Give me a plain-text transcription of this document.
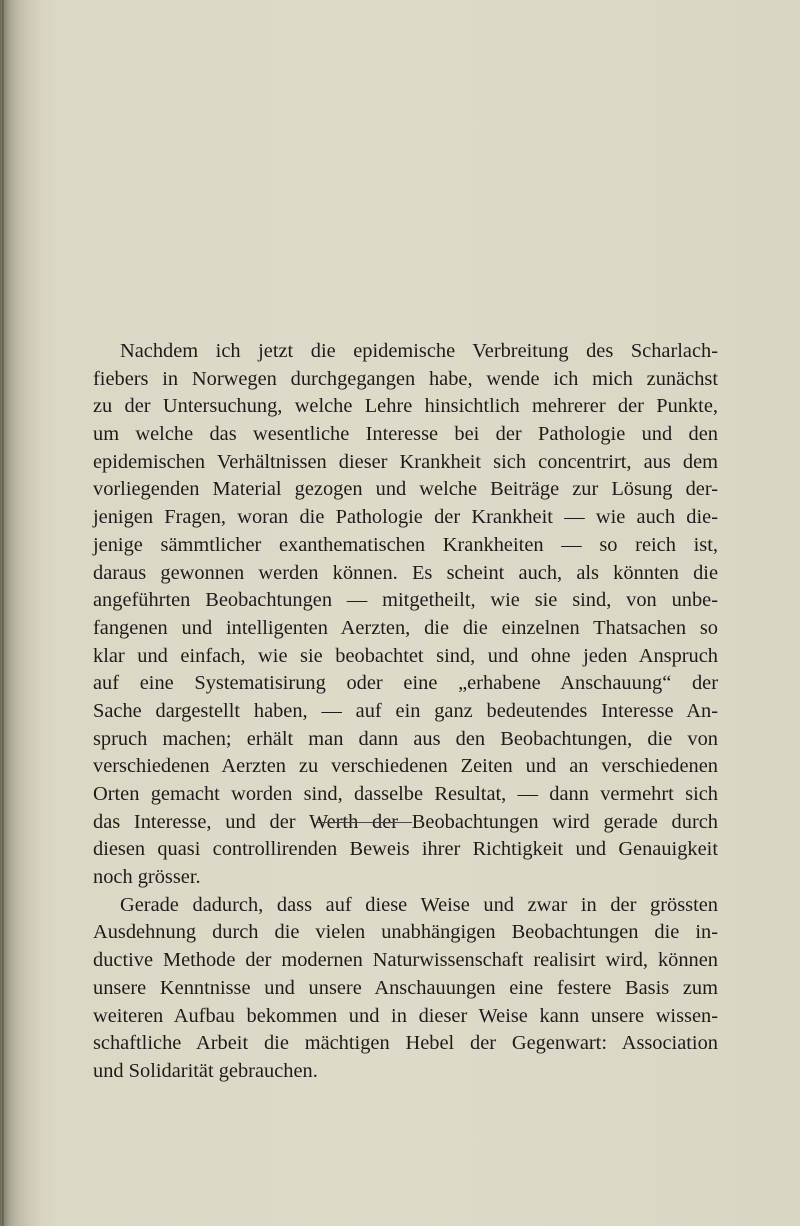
Nachdem ich jetzt die epidemische Verbreitung des Scharlach-
fiebers in Norwegen durchgegangen habe, wende ich mich zunächst
zu der Untersuchung, welche Lehre hinsichtlich mehrerer der Punkte,
um welche das wesentliche Interesse bei der Pathologie und den
epidemischen Verhältnissen dieser Krankheit sich concentrirt, aus dem
vorliegenden Material gezogen und welche Beiträge zur Lösung der-
jenigen Fragen, woran die Pathologie der Krankheit — wie auch die-
jenige sämmtlicher exanthematischen Krankheiten — so reich ist,
daraus gewonnen werden können. Es scheint auch, als könnten die
angeführten Beobachtungen — mitgetheilt, wie sie sind, von unbe-
fangenen und intelligenten Aerzten, die die einzelnen Thatsachen so
klar und einfach, wie sie beobachtet sind, und ohne jeden Anspruch
auf eine Systematisirung oder eine „erhabene Anschauung“ der
Sache dargestellt haben, — auf ein ganz bedeutendes Interesse An-
spruch machen; erhält man dann aus den Beobachtungen, die von
verschiedenen Aerzten zu verschiedenen Zeiten und an verschiedenen
Orten gemacht worden sind, dasselbe Resultat, — dann vermehrt sich
das Interesse, und der Werth der Beobachtungen wird gerade durch
diesen quasi controllirenden Beweis ihrer Richtigkeit und Genauigkeit
noch grösser.
Gerade dadurch, dass auf diese Weise und zwar in der grössten
Ausdehnung durch die vielen unabhängigen Beobachtungen die in-
ductive Methode der modernen Naturwissenschaft realisirt wird, können
unsere Kenntnisse und unsere Anschauungen eine festere Basis zum
weiteren Aufbau bekommen und in dieser Weise kann unsere wissen-
schaftliche Arbeit die mächtigen Hebel der Gegenwart: Association
und Solidarität gebrauchen.
